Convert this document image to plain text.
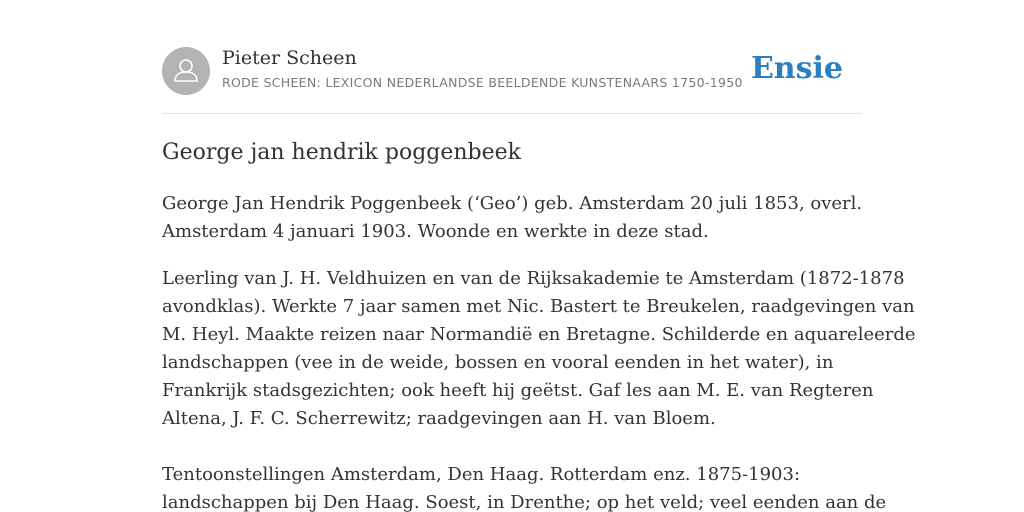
Pieter Scheen
RODE SCHEEN: LEXICON NEDERLANDSE BEELDENDE KUNSTENAARS 1750-1950 Ensie
George jan hendrik poggenbeek

George Jan Hendrik Poggenbeek (‘Geo’) geb. Amsterdam 20 juli 1853, overl.
Amsterdam 4 januari 1903. Woonde en werkte in deze stad.

Leerling van J. H. Veldhuizen en van de Rijksakademie te Amsterdam (1872-1878
avondklas). Werkte 7 jaar samen met Nic. Bastert te Breukelen, raadgevingen van
M. Heyl. Maakte reizen naar Normandië en Bretagne. Schilderde en aquareleerde
landschappen (vee in de weide, bossen en vooral eenden in het water), in
Frankrijk stadsgezichten; ook heeft hij geëtst. Gaf les aan M. E. van Regteren
Altena, J. F. C. Scherrewitz; raadgevingen aan H. van Bloem.

Tentoonstellingen Amsterdam, Den Haag. Rotterdam enz. 1875-1903:
landschappen bij Den Haag. Soest, in Drenthe; op het veld; veel eenden aan de
